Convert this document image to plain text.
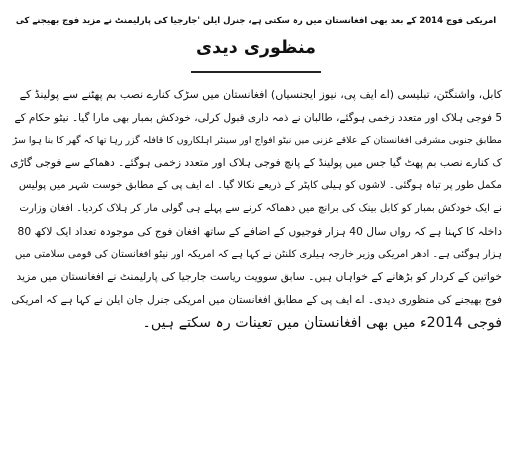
امریکی فوج 2014 کے بعد بھی افغانستان میں رہ سکتی ہے، جنرل ایلن 'جارجیا کی پارلیمنٹ نے مزید فوج بھیجنے کی
منظوری دیدی
کابل، واشنگٹن، تبلیسی (اے ایف پی، نیوز ایجنسیاں) افغانستان میں سڑک کنارے نصب بم پھٹنے سے پولینڈ کے
5 فوجی ہلاک اور متعدد زخمی ہوگئے، طالبان نے ذمہ داری قبول کرلی، خودکش بمبار بھی مارا گیا۔ نیٹو حکام کے
مطابق جنوبی مشرقی افغانستان کے علاقے غزنی میں نیٹو افواج اور سینئر اہلکاروں کا قافلہ گزر رہا تھا کہ گھر کا بنا ہوا سڑ
ک کنارے نصب بم پھٹ گیا جس میں پولینڈ کے پانچ فوجی ہلاک اور متعدد زخمی ہوگئے۔ دھماکے سے فوجی گاڑی
مکمل طور پر تباہ ہوگئی۔ لاشوں کو ہیلی کاپٹر کے ذریعے نکالا گیا۔ اے ایف پی کے مطابق خوست شہر میں پولیس
نے ایک خودکش بمبار کو کابل بینک کی برانچ میں دھماکہ کرنے سے پہلے ہی گولی مار کر ہلاک کردیا۔ افغان وزارت
داخلہ کا کہنا ہے کہ رواں سال 40 ہزار فوجیوں کے اضافے کے ساتھ افغان فوج کی موجودہ تعداد ایک لاکھ 80
ہزار ہوگئی ہے۔ ادھر امریکی وزیر خارجہ ہیلری کلنٹن نے کہا ہے کہ امریکہ اور نیٹو افغانستان کی قومی سلامتی میں
خواتین کے کردار کو بڑھانے کے خواہاں ہیں۔ سابق سوویت ریاست جارجیا کی پارلیمنٹ نے افغانستان میں مزید
فوج بھیجنے کی منظوری دیدی۔ اے ایف پی کے مطابق افغانستان میں امریکی جنرل جان ایلن نے کہا ہے کہ امریکی
فوجی 2014ء میں بھی افغانستان میں تعینات رہ سکتے ہیں۔
